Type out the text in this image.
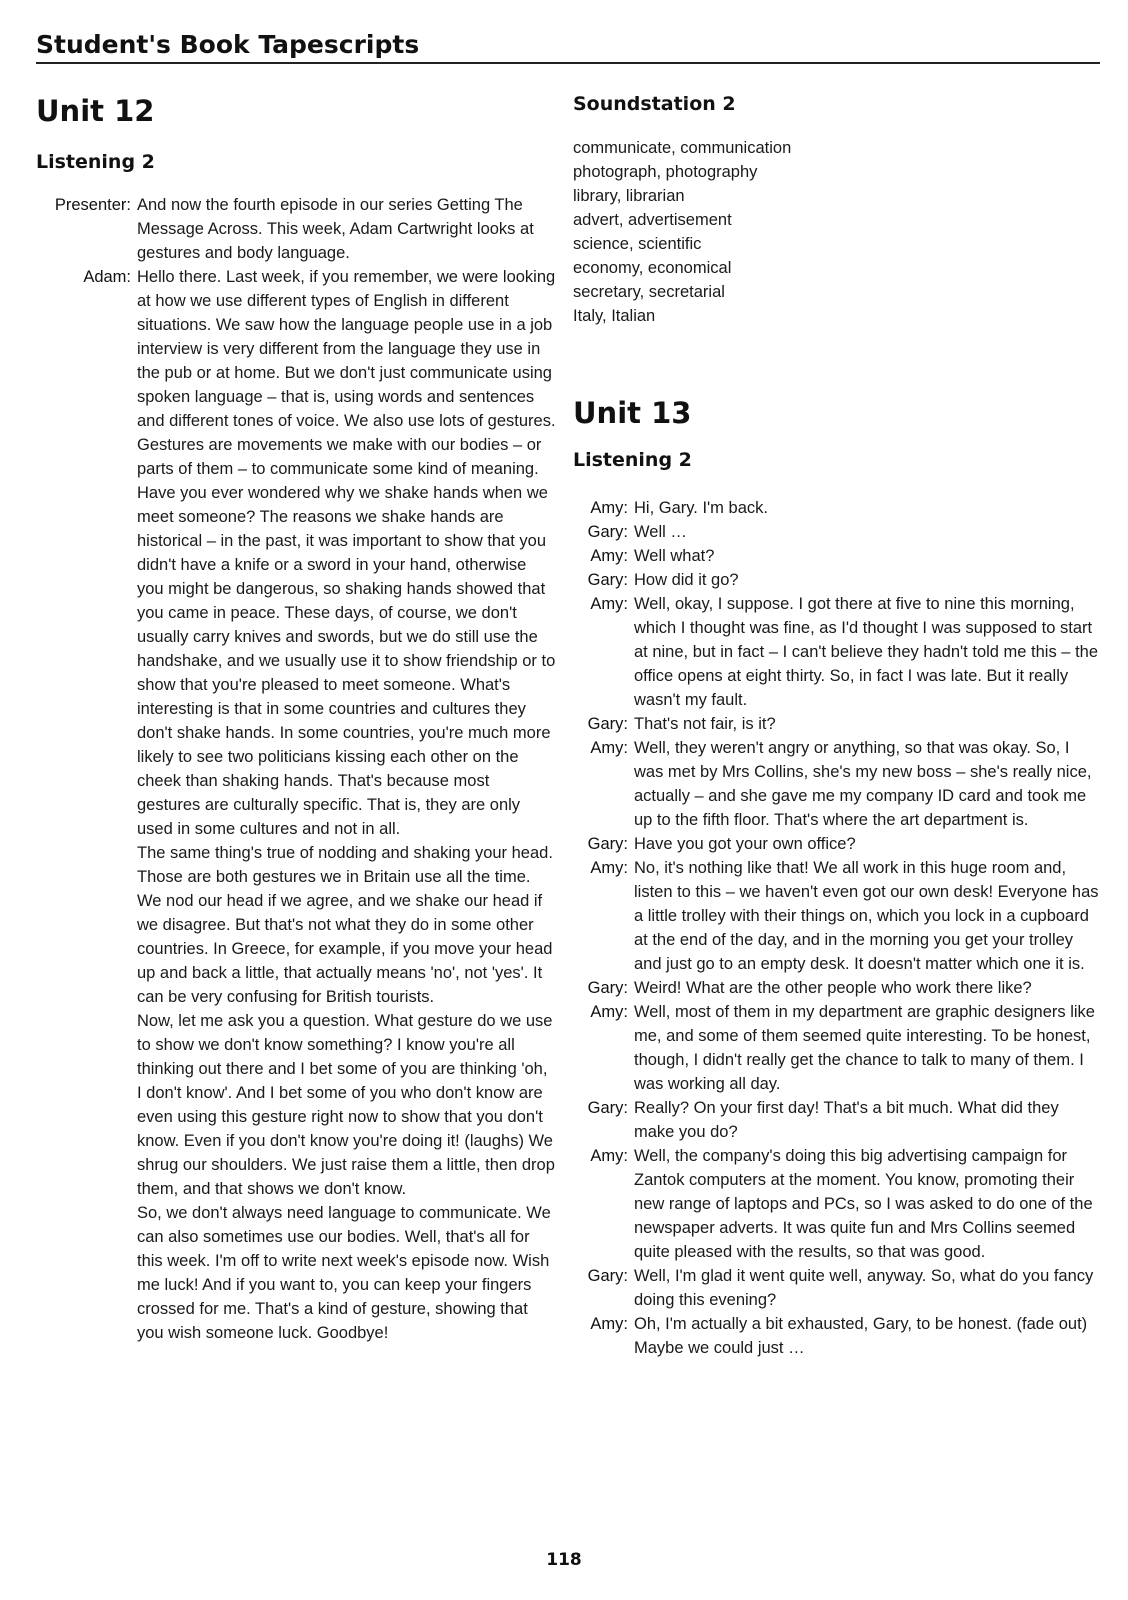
Student's Book Tapescripts
Unit 12
Listening 2
Presenter: And now the fourth episode in our series Getting The Message Across. This week, Adam Cartwright looks at gestures and body language.

Adam: Hello there. Last week, if you remember, we were looking at how we use different types of English in different situations. We saw how the language people use in a job interview is very different from the language they use in the pub or at home. But we don't just communicate using spoken language – that is, using words and sentences and different tones of voice. We also use lots of gestures. Gestures are movements we make with our bodies – or parts of them – to communicate some kind of meaning. Have you ever wondered why we shake hands when we meet someone? The reasons we shake hands are historical – in the past, it was important to show that you didn't have a knife or a sword in your hand, otherwise you might be dangerous, so shaking hands showed that you came in peace. These days, of course, we don't usually carry knives and swords, but we do still use the handshake, and we usually use it to show friendship or to show that you're pleased to meet someone. What's interesting is that in some countries and cultures they don't shake hands. In some countries, you're much more likely to see two politicians kissing each other on the cheek than shaking hands. That's because most gestures are culturally specific. That is, they are only used in some cultures and not in all.

The same thing's true of nodding and shaking your head. Those are both gestures we in Britain use all the time. We nod our head if we agree, and we shake our head if we disagree. But that's not what they do in some other countries. In Greece, for example, if you move your head up and back a little, that actually means 'no', not 'yes'. It can be very confusing for British tourists.

Now, let me ask you a question. What gesture do we use to show we don't know something? I know you're all thinking out there and I bet some of you are thinking 'oh, I don't know'. And I bet some of you who don't know are even using this gesture right now to show that you don't know. Even if you don't know you're doing it! (laughs) We shrug our shoulders. We just raise them a little, then drop them, and that shows we don't know.

So, we don't always need language to communicate. We can also sometimes use our bodies. Well, that's all for this week. I'm off to write next week's episode now. Wish me luck! And if you want to, you can keep your fingers crossed for me. That's a kind of gesture, showing that you wish someone luck. Goodbye!

Soundstation 2
communicate, communication
photograph, photography
library, librarian
advert, advertisement
science, scientific
economy, economical
secretary, secretarial
Italy, Italian
Unit 13
Listening 2
Amy: Hi, Gary. I'm back.
Gary: Well …
Amy: Well what?
Gary: How did it go?
Amy: Well, okay, I suppose. I got there at five to nine this morning, which I thought was fine, as I'd thought I was supposed to start at nine, but in fact – I can't believe they hadn't told me this – the office opens at eight thirty. So, in fact I was late. But it really wasn't my fault.
Gary: That's not fair, is it?
Amy: Well, they weren't angry or anything, so that was okay. So, I was met by Mrs Collins, she's my new boss – she's really nice, actually – and she gave me my company ID card and took me up to the fifth floor. That's where the art department is.
Gary: Have you got your own office?
Amy: No, it's nothing like that! We all work in this huge room and, listen to this – we haven't even got our own desk! Everyone has a little trolley with their things on, which you lock in a cupboard at the end of the day, and in the morning you get your trolley and just go to an empty desk. It doesn't matter which one it is.
Gary: Weird! What are the other people who work there like?
Amy: Well, most of them in my department are graphic designers like me, and some of them seemed quite interesting. To be honest, though, I didn't really get the chance to talk to many of them. I was working all day.
Gary: Really? On your first day! That's a bit much. What did they make you do?
Amy: Well, the company's doing this big advertising campaign for Zantok computers at the moment. You know, promoting their new range of laptops and PCs, so I was asked to do one of the newspaper adverts. It was quite fun and Mrs Collins seemed quite pleased with the results, so that was good.
Gary: Well, I'm glad it went quite well, anyway. So, what do you fancy doing this evening?
Amy: Oh, I'm actually a bit exhausted, Gary, to be honest. (fade out) Maybe we could just …
118
